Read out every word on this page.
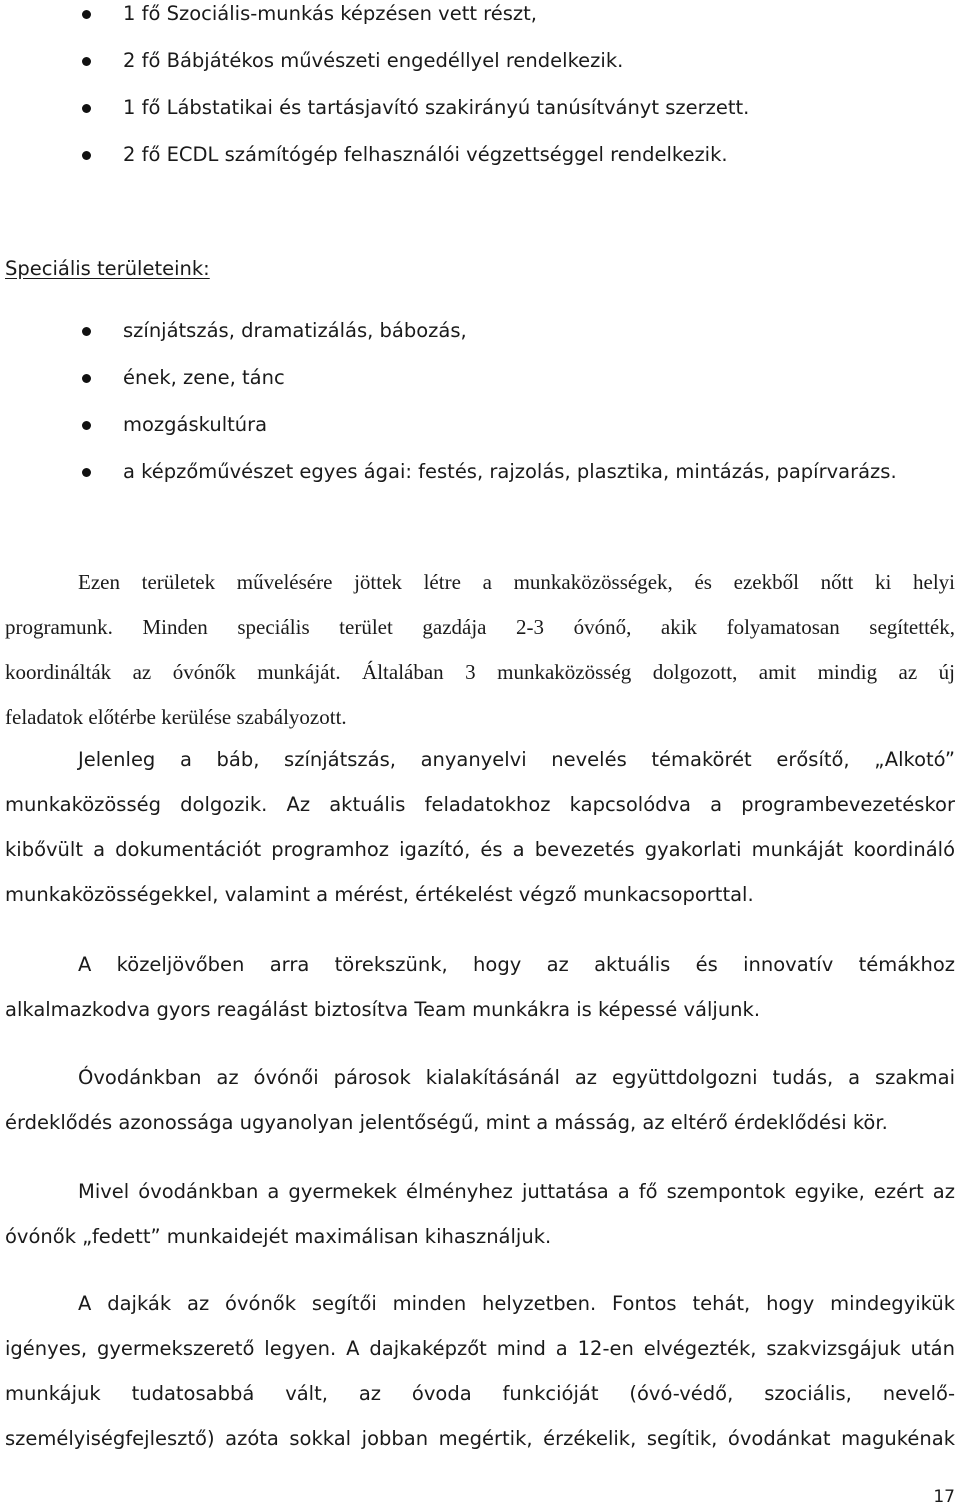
1 fő Szociális-munkás képzésen vett részt,
2 fő Bábjátékos művészeti engedéllyel rendelkezik.
1 fő Lábstatikai és tartásjavító szakirányú tanúsítványt szerzett.
2 fő ECDL számítógép felhasználói végzettséggel rendelkezik.
Speciális területeink:
színjátszás, dramatizálás, bábozás,
ének, zene, tánc
mozgáskultúra
a képzőművészet egyes ágai: festés, rajzolás, plasztika, mintázás, papírvarázs.
Ezen területek művelésére jöttek létre a munkaközösségek, és ezekből nőtt ki helyi
programunk. Minden speciális terület gazdája 2-3 óvónő, akik folyamatosan segítették,
koordinálták az óvónők munkáját. Általában 3 munkaközösség dolgozott, amit mindig az új
feladatok előtérbe kerülése szabályozott.
Jelenleg a báb, színjátszás, anyanyelvi nevelés témakörét erősítő, „Alkotó”
munkaközösség dolgozik. Az aktuális feladatokhoz kapcsolódva a programbevezetéskor
kibővült a dokumentációt programhoz igazító, és a bevezetés gyakorlati munkáját koordináló
munkaközösségekkel, valamint a mérést, értékelést végző munkacsoporttal.
A közeljövőben arra törekszünk, hogy az aktuális és innovatív témákhoz
alkalmazkodva gyors reagálást biztosítva Team munkákra is képessé váljunk.
Óvodánkban az óvónői párosok kialakításánál az együttdolgozni tudás, a szakmai
érdeklődés azonossága ugyanolyan jelentőségű, mint a másság, az eltérő érdeklődési kör.
Mivel óvodánkban a gyermekek élményhez juttatása a fő szempontok egyike, ezért az
óvónők „fedett” munkaidejét maximálisan kihasználjuk.
A dajkák az óvónők segítői minden helyzetben. Fontos tehát, hogy mindegyikük
igényes, gyermekszerető legyen. A dajkaképzőt mind a 12-en elvégezték, szakvizsgájuk után
munkájuk tudatosabbá vált, az óvoda funkcióját (óvó-védő, szociális, nevelő-
személyiségfejlesztő) azóta sokkal jobban megértik, érzékelik, segítik, óvodánkat magukénak
17
